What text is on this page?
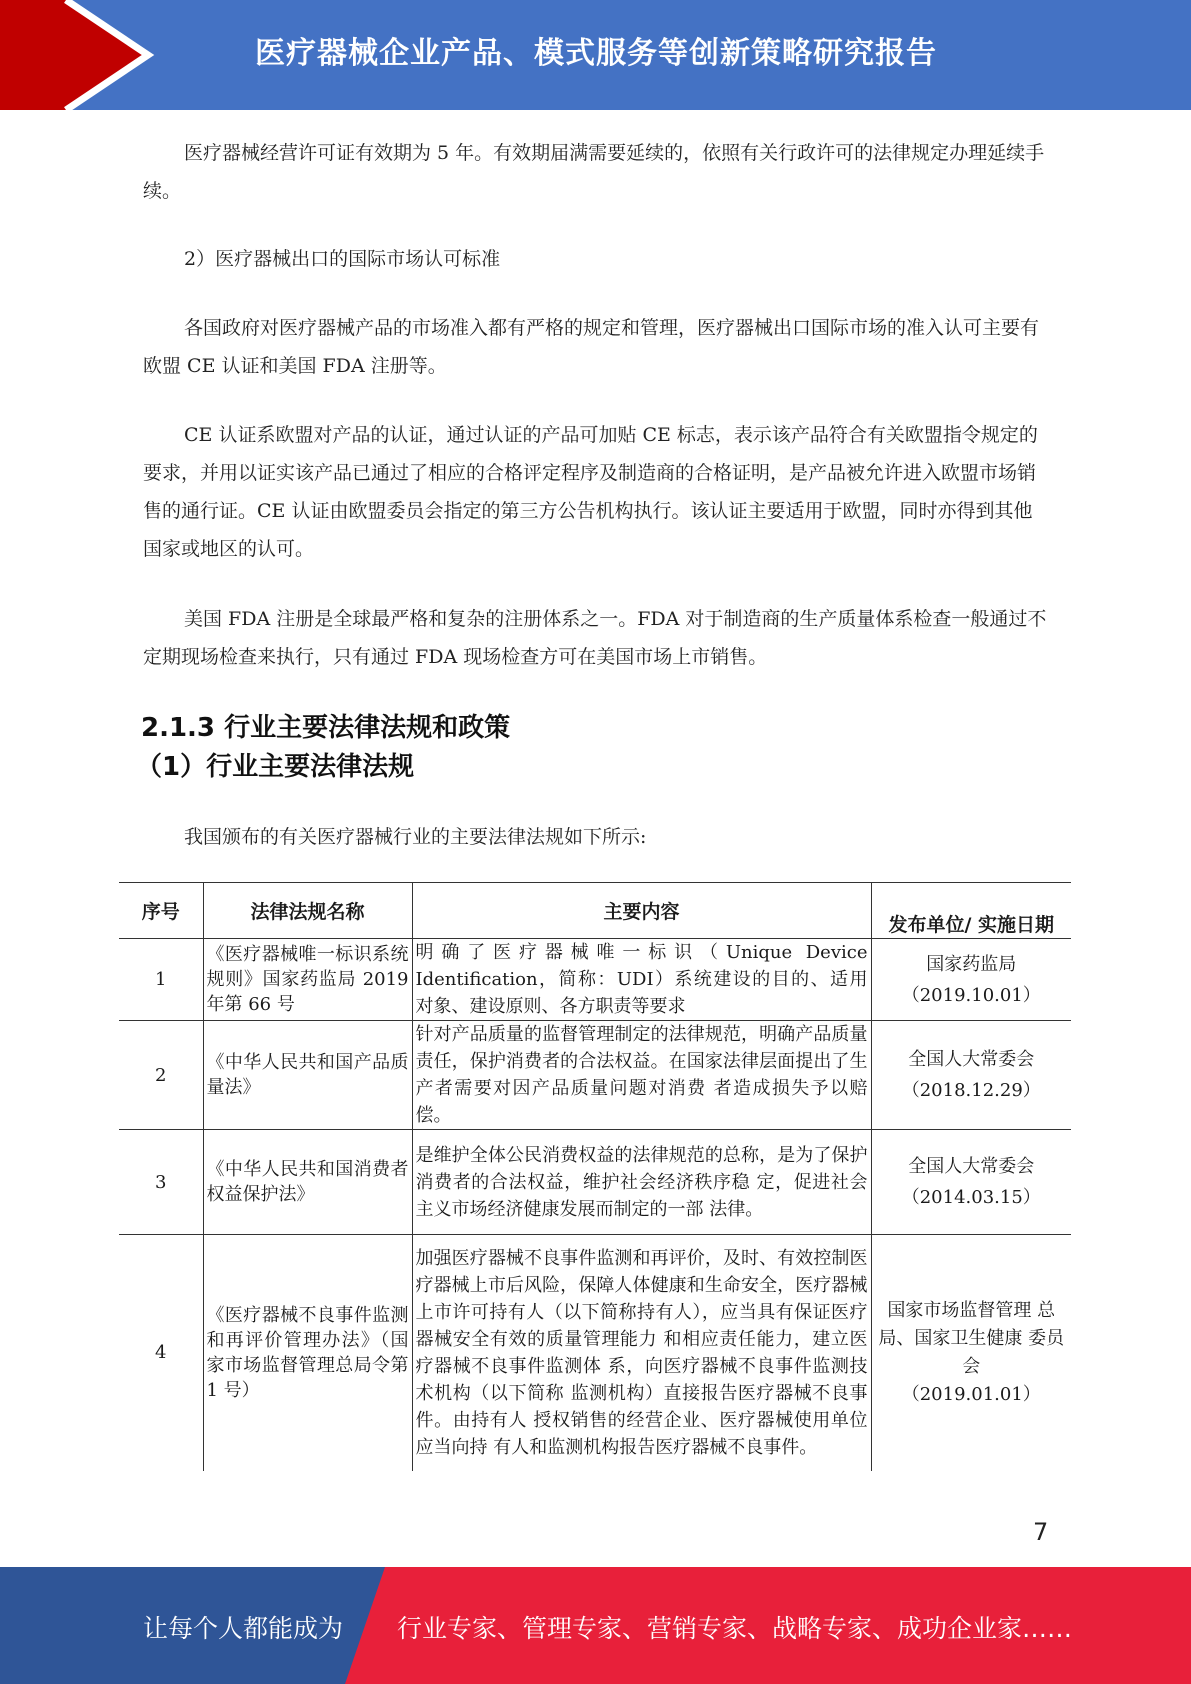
医疗器械企业产品、模式服务等创新策略研究报告

医疗器械经营许可证有效期为 5 年。有效期届满需要延续的，依照有关行政许可的法律规定办理延续手续。

2）医疗器械出口的国际市场认可标准

各国政府对医疗器械产品的市场准入都有严格的规定和管理，医疗器械出口国际市场的准入认可主要有欧盟 CE 认证和美国 FDA 注册等。

CE 认证系欧盟对产品的认证，通过认证的产品可加贴 CE 标志，表示该产品符合有关欧盟指令规定的要求，并用以证实该产品已通过了相应的合格评定程序及制造商的合格证明，是产品被允许进入欧盟市场销售的通行证。CE 认证由欧盟委员会指定的第三方公告机构执行。该认证主要适用于欧盟，同时亦得到其他国家或地区的认可。

美国 FDA 注册是全球最严格和复杂的注册体系之一。FDA 对于制造商的生产质量体系检查一般通过不定期现场检查来执行，只有通过 FDA 现场检查方可在美国市场上市销售。

2.1.3 行业主要法律法规和政策
（1）行业主要法律法规

我国颁布的有关医疗器械行业的主要法律法规如下所示:

序号	法律法规名称	主要内容	发布单位/ 实施日期
1	《医疗器械唯一标识系统规则》国家药监局 2019 年第 66 号	明确了医疗器械唯一标识（Unique Device Identification，简称：UDI）系统建设的目的、适用 对象、建设原则、各方职责等要求	国家药监局
（2019.10.01）

2	《中华人民共和国产品质量法》	针对产品质量的监督管理制定的法律规范，明确产品质量责任，保护消费者的合法权益。在国家法律层面提出了生产者需要对因产品质量问题对消费 者造成损失予以赔偿。	全国人大常委会
（2018.12.29）

3	《中华人民共和国消费者权益保护法》	是维护全体公民消费权益的法律规范的总称，是为了保护消费者的合法权益，维护社会经济秩序稳 定，促进社会主义市场经济健康发展而制定的一部 法律。	全国人大常委会
（2014.03.15）

4	《医疗器械不良事件监测和再评价管理办法》（国家市场监督管理总局令第 1 号）	加强医疗器械不良事件监测和再评价，及时、有效控制医疗器械上市后风险，保障人体健康和生命安全，医疗器械上市许可持有人（以下简称持有人），应当具有保证医疗器械安全有效的质量管理能力 和相应责任能力，建立医疗器械不良事件监测体 系，向医疗器械不良事件监测技术机构（以下简称 监测机构）直接报告医疗器械不良事件。由持有人 授权销售的经营企业、医疗器械使用单位应当向持 有人和监测机构报告医疗器械不良事件。	国家市场监督管理 总局、国家卫生健康 委员会
（2019.01.01）
7
让每个人都能成为 行业专家、管理专家、营销专家、战略专家、成功企业家……
